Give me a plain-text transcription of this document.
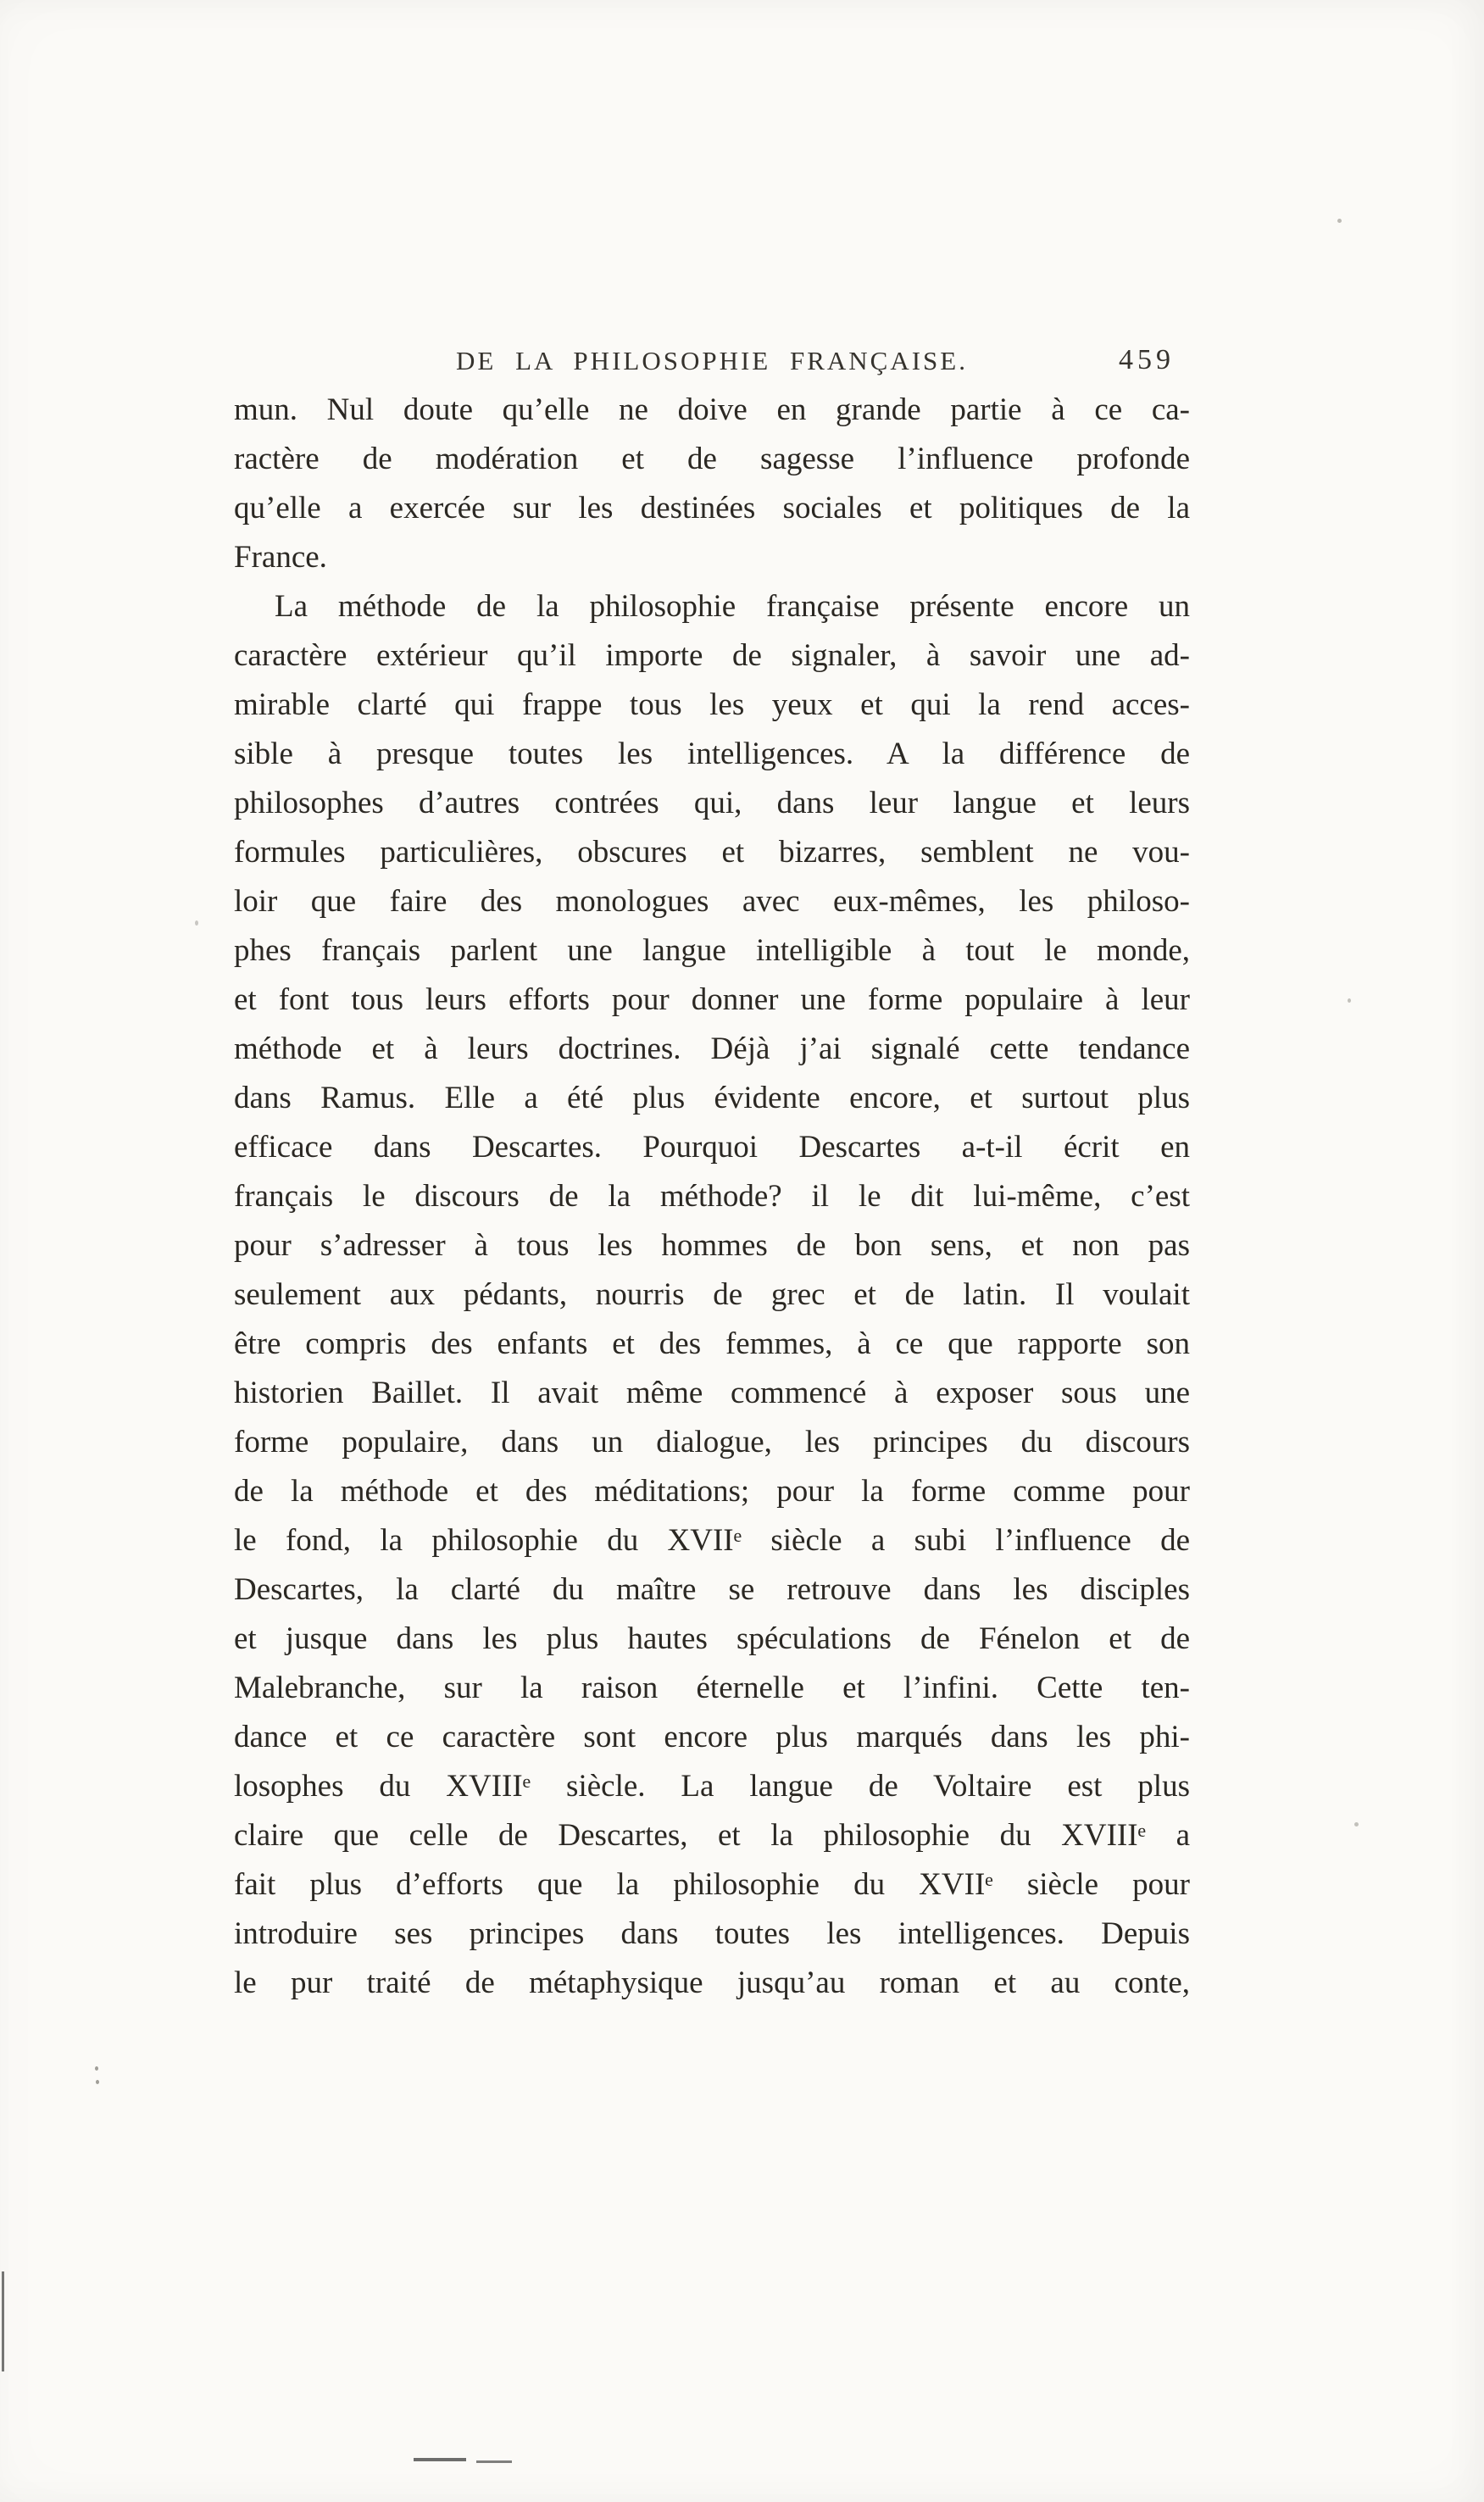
DE LA PHILOSOPHIE FRANÇAISE.	459
mun. Nul doute qu’elle ne doive en grande partie à ce ca-
ractère de modération et de sagesse l’influence profonde
qu’elle a exercée sur les destinées sociales et politiques de la
France.
La méthode de la philosophie française présente encore un
caractère extérieur qu’il importe de signaler, à savoir une ad-
mirable clarté qui frappe tous les yeux et qui la rend acces-
sible à presque toutes les intelligences. A la différence de
philosophes d’autres contrées qui, dans leur langue et leurs
formules particulières, obscures et bizarres, semblent ne vou-
loir que faire des monologues avec eux-mêmes, les philoso-
phes français parlent une langue intelligible à tout le monde,
et font tous leurs efforts pour donner une forme populaire à leur
méthode et à leurs doctrines. Déjà j’ai signalé cette tendance
dans Ramus. Elle a été plus évidente encore, et surtout plus
efficace dans Descartes. Pourquoi Descartes a-t-il écrit en
français le discours de la méthode? il le dit lui-même, c’est
pour s’adresser à tous les hommes de bon sens, et non pas
seulement aux pédants, nourris de grec et de latin. Il voulait
être compris des enfants et des femmes, à ce que rapporte son
historien Baillet. Il avait même commencé à exposer sous une
forme populaire, dans un dialogue, les principes du discours
de la méthode et des méditations; pour la forme comme pour
le fond, la philosophie du XVIIᵉ siècle a subi l’influence de
Descartes, la clarté du maître se retrouve dans les disciples
et jusque dans les plus hautes spéculations de Fénelon et de
Malebranche, sur la raison éternelle et l’infini. Cette ten-
dance et ce caractère sont encore plus marqués dans les phi-
losophes du XVIIIᵉ siècle. La langue de Voltaire est plus
claire que celle de Descartes, et la philosophie du XVIIIᵉ a
fait plus d’efforts que la philosophie du XVIIᵉ siècle pour
introduire ses principes dans toutes les intelligences. Depuis
le pur traité de métaphysique jusqu’au roman et au conte,
